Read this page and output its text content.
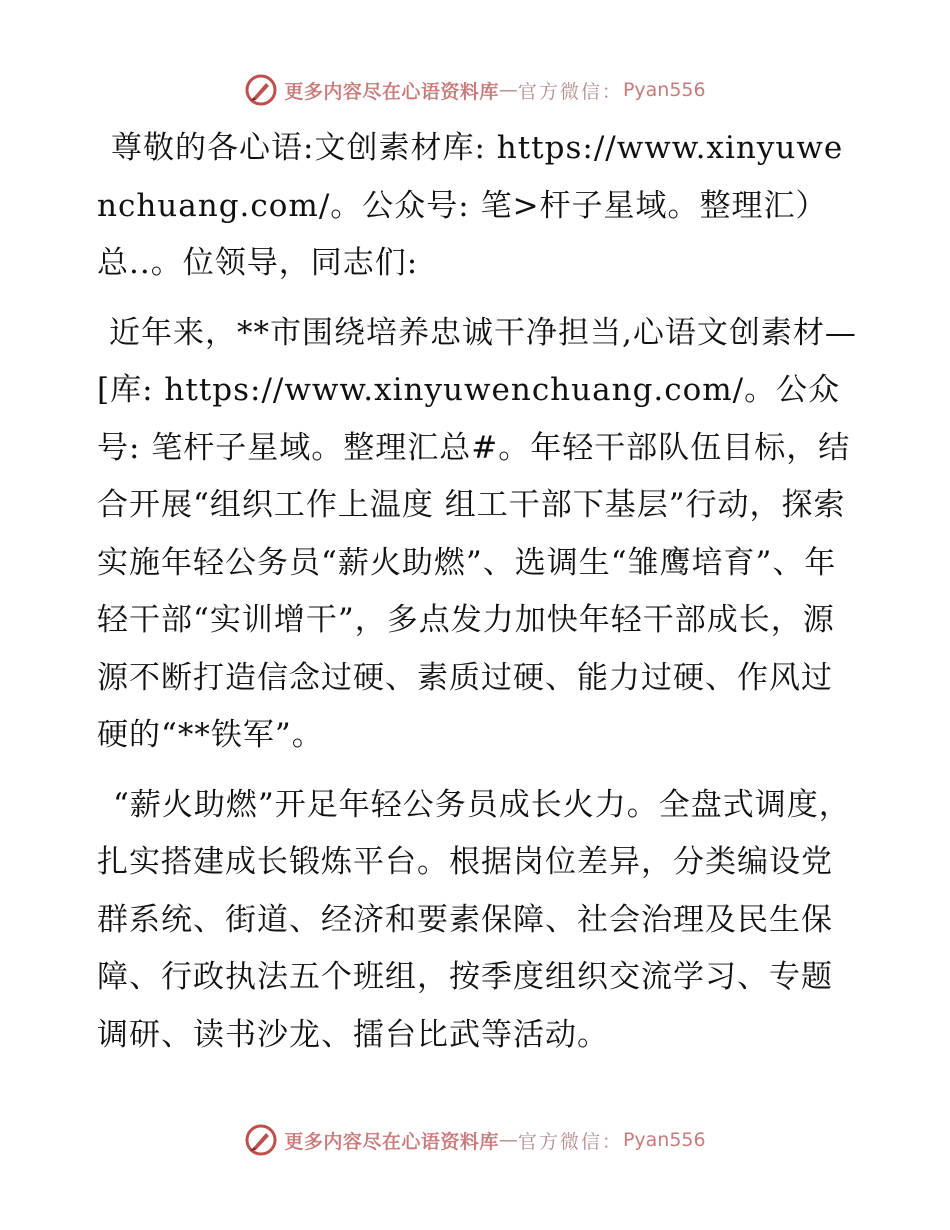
更多内容尽在心语资料库 — 官方微信： Pyan556

尊敬的各心语:文创素材库: https://www.xinyuwenchuang.com/。公众号: 笔>杆子星域。整理汇）总..。位领导，同志们:

近年来，**市围绕培养忠诚干净担当,心语文创素材—[库: https://www.xinyuwenchuang.com/。公众号: 笔杆子星域。整理汇总#。年轻干部队伍目标，结合开展“组织工作上温度 组工干部下基层”行动，探索实施年轻公务员“薪火助燃”、选调生“雏鹰培育”、年轻干部“实训增干”，多点发力加快年轻干部成长，源源不断打造信念过硬、素质过硬、能力过硬、作风过硬的“**铁军”。

“薪火助燃”开足年轻公务员成长火力。全盘式调度，扎实搭建成长锻炼平台。根据岗位差异，分类编设党群系统、街道、经济和要素保障、社会治理及民生保障、行政执法五个班组，按季度组织交流学习、专题调研、读书沙龙、擂台比武等活动。

更多内容尽在心语资料库 — 官方微信： Pyan556
